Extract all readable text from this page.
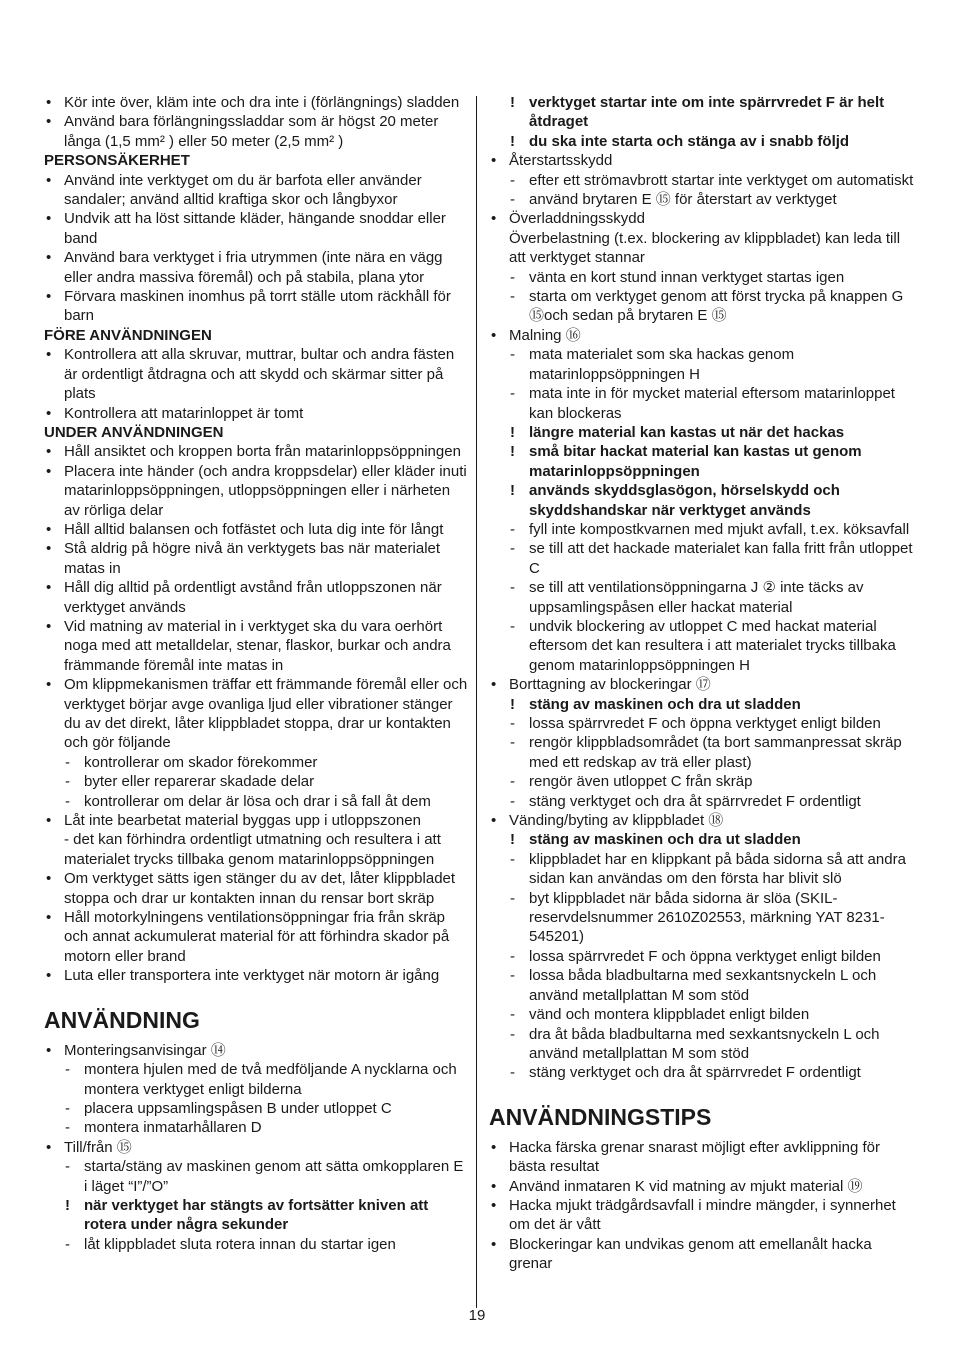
• Kör inte över, kläm inte och dra inte i (förlängnings) sladden
• Använd bara förlängningssladdar som är högst 20 meter långa (1,5 mm² ) eller 50 meter (2,5 mm² )
PERSONSÄKERHET
• Använd inte verktyget om du är barfota eller använder sandaler; använd alltid kraftiga skor och långbyxor
• Undvik att ha löst sittande kläder, hängande snoddar eller band
• Använd bara verktyget i fria utrymmen (inte nära en vägg eller andra massiva föremål) och på stabila, plana ytor
• Förvara maskinen inomhus på torrt ställe utom räckhåll för barn
FÖRE ANVÄNDNINGEN
• Kontrollera att alla skruvar, muttrar, bultar och andra fästen är ordentligt åtdragna och att skydd och skärmar sitter på plats
• Kontrollera att matarinloppet är tomt
UNDER ANVÄNDNINGEN
• Håll ansiktet och kroppen borta från matarinloppsöppningen
• Placera inte händer (och andra kroppsdelar) eller kläder inuti matarinloppsöppningen, utloppsöppningen eller i närheten av rörliga delar
• Håll alltid balansen och fotfästet och luta dig inte för långt
• Stå aldrig på högre nivå än verktygets bas när materialet matas in
• Håll dig alltid på ordentligt avstånd från utloppszonen när verktyget används
• Vid matning av material in i verktyget ska du vara oerhört noga med att metalldelar, stenar, flaskor, burkar och andra främmande föremål inte matas in
• Om klippmekanismen träffar ett främmande föremål eller och verktyget börjar avge ovanliga ljud eller vibrationer stänger du av det direkt, låter klippbladet stoppa, drar ur kontakten och gör följande
- kontrollerar om skador förekommer
- byter eller reparerar skadade delar
- kontrollerar om delar är lösa och drar i så fall åt dem
• Låt inte bearbetat material byggas upp i utloppszonen
- det kan förhindra ordentligt utmatning och resultera i att materialet trycks tillbaka genom matarinloppsöppningen
• Om verktyget sätts igen stänger du av det, låter klippbladet stoppa och drar ur kontakten innan du rensar bort skräp
• Håll motorkylningens ventilationsöppningar fria från skräp och annat ackumulerat material för att förhindra skador på motorn eller brand
• Luta eller transportera inte verktyget när motorn är igång
ANVÄNDNING
• Monteringsanvisingar ⑭
- montera hjulen med de två medföljande A nycklarna och montera verktyget enligt bilderna
- placera uppsamlingspåsen B under utloppet C
- montera inmatarhållaren D
• Till/från ⑮
- starta/stäng av maskinen genom att sätta omkopplaren E i läget “I”/”O”
! när verktyget har stängts av fortsätter kniven att rotera under några sekunder
- låt klippbladet sluta rotera innan du startar igen
! verktyget startar inte om inte spärrvredet F är helt åtdraget
! du ska inte starta och stänga av i snabb följd
• Återstartsskydd
- efter ett strömavbrott startar inte verktyget om automatiskt
- använd brytaren E ⑮ för återstart av verktyget
• Överladdningsskydd
Överbelastning (t.ex. blockering av klippbladet) kan leda till att verktyget stannar
- vänta en kort stund innan verktyget startas igen
- starta om verktyget genom att först trycka på knappen G ⑮och sedan på brytaren E ⑮
• Malning ⑯
- mata materialet som ska hackas genom matarinloppsöppningen H
- mata inte in för mycket material eftersom matarinloppet kan blockeras
! längre material kan kastas ut när det hackas
! små bitar hackat material kan kastas ut genom matarinloppsöppningen
! används skyddsglasögon, hörselskydd och skyddshandskar när verktyget används
- fyll inte kompostkvarnen med mjukt avfall, t.ex. köksavfall
- se till att det hackade materialet kan falla fritt från utloppet C
- se till att ventilationsöppningarna J ② inte täcks av uppsamlingspåsen eller hackat material
- undvik blockering av utloppet C med hackat material eftersom det kan resultera i att materialet trycks tillbaka genom matarinloppsöppningen H
• Borttagning av blockeringar ⑰
! stäng av maskinen och dra ut sladden
- lossa spärrvredet F och öppna verktyget enligt bilden
- rengör klippbladsområdet (ta bort sammanpressat skräp med ett redskap av trä eller plast)
- rengör även utloppet C från skräp
- stäng verktyget och dra åt spärrvredet F ordentligt
• Vänding/byting av klippbladet ⑱
! stäng av maskinen och dra ut sladden
- klippbladet har en klippkant på båda sidorna så att andra sidan kan användas om den första har blivit slö
- byt klippbladet när båda sidorna är slöa (SKIL-reservdelsnummer 2610Z02553, märkning YAT 8231-545201)
- lossa spärrvredet F och öppna verktyget enligt bilden
- lossa båda bladbultarna med sexkantsnyckeln L och använd metallplattan M som stöd
- vänd och montera klippbladet enligt bilden
- dra åt båda bladbultarna med sexkantsnyckeln L och använd metallplattan M som stöd
- stäng verktyget och dra åt spärrvredet F ordentligt
ANVÄNDNINGSTIPS
• Hacka färska grenar snarast möjligt efter avklippning för bästa resultat
• Använd inmataren K vid matning av mjukt material ⑲
• Hacka mjukt trädgårdsavfall i mindre mängder, i synnerhet om det är vått
• Blockeringar kan undvikas genom att emellanålt hacka grenar
19
